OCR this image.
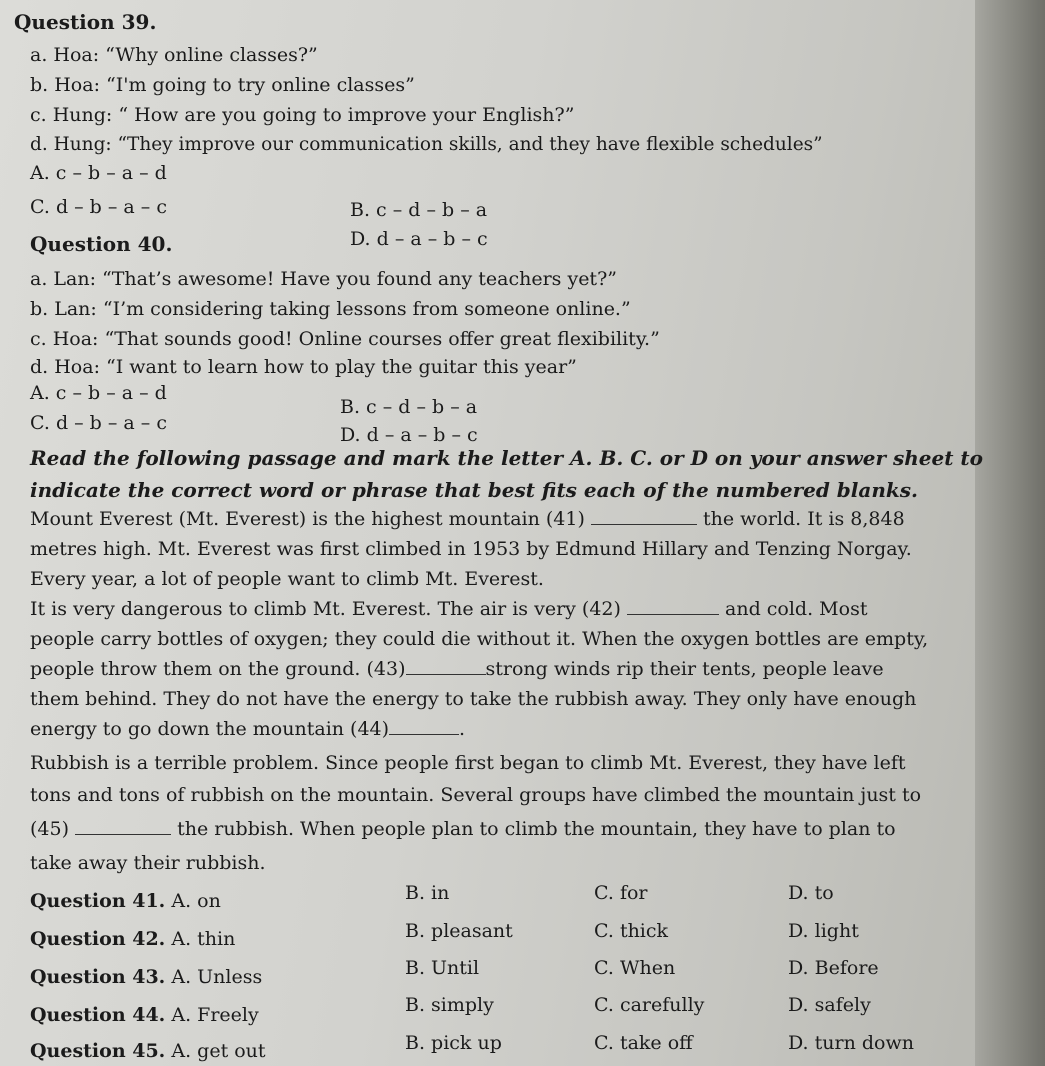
Question 39.
a. Hoa: “Why online classes?”
b. Hoa: “I'm going to try online classes”
c. Hung: “ How are you going to improve your English?”
d. Hung: “They improve our communication skills, and they have flexible schedules”
A. c – b – a – d
C. d – b – a – c	B. c – d – b – a
D. d – a – b – c
Question 40.
a. Lan: “That’s awesome! Have you found any teachers yet?”
b. Lan: “I’m considering taking lessons from someone online.”
c. Hoa: “That sounds good! Online courses offer great flexibility.”
d. Hoa: “I want to learn how to play the guitar this year”
A. c – b – a – d
C. d – b – a – c
B. c – d – b – a
D. d – a – b – c
Read the following passage and mark the letter A. B. C. or D on your answer sheet to
indicate the correct word or phrase that best fits each of the numbered blanks.
Mount Everest (Mt. Everest) is the highest mountain (41)	the world. It is 8,848
metres high. Mt. Everest was first climbed in 1953 by Edmund Hillary and Tenzing Norgay.
Every year, a lot of people want to climb Mt. Everest.
It is very dangerous to climb Mt. Everest. The air is very (42)	and cold. Most
people carry bottles of oxygen; they could die without it. When the oxygen bottles are empty,
people throw them on the ground. (43)	strong winds rip their tents, people leave
them behind. They do not have the energy to take the rubbish away. They only have enough
energy to go down the mountain (44)	.
Rubbish is a terrible problem. Since people first began to climb Mt. Everest, they have left
tons and tons of rubbish on the mountain. Several groups have climbed the mountain just to
(45)	the rubbish. When people plan to climb the mountain, they have to plan to
take away their rubbish.
Question 41. A. on	B. in	C. for	D. to
Question 42. A. thin	B. pleasant	C. thick	D. light
Question 43. A. Unless	B. Until	C. When	D. Before
Question 44. A. Freely	B. simply	C. carefully	D. safely
Question 45. A. get out	B. pick up	C. take off	D. turn down
